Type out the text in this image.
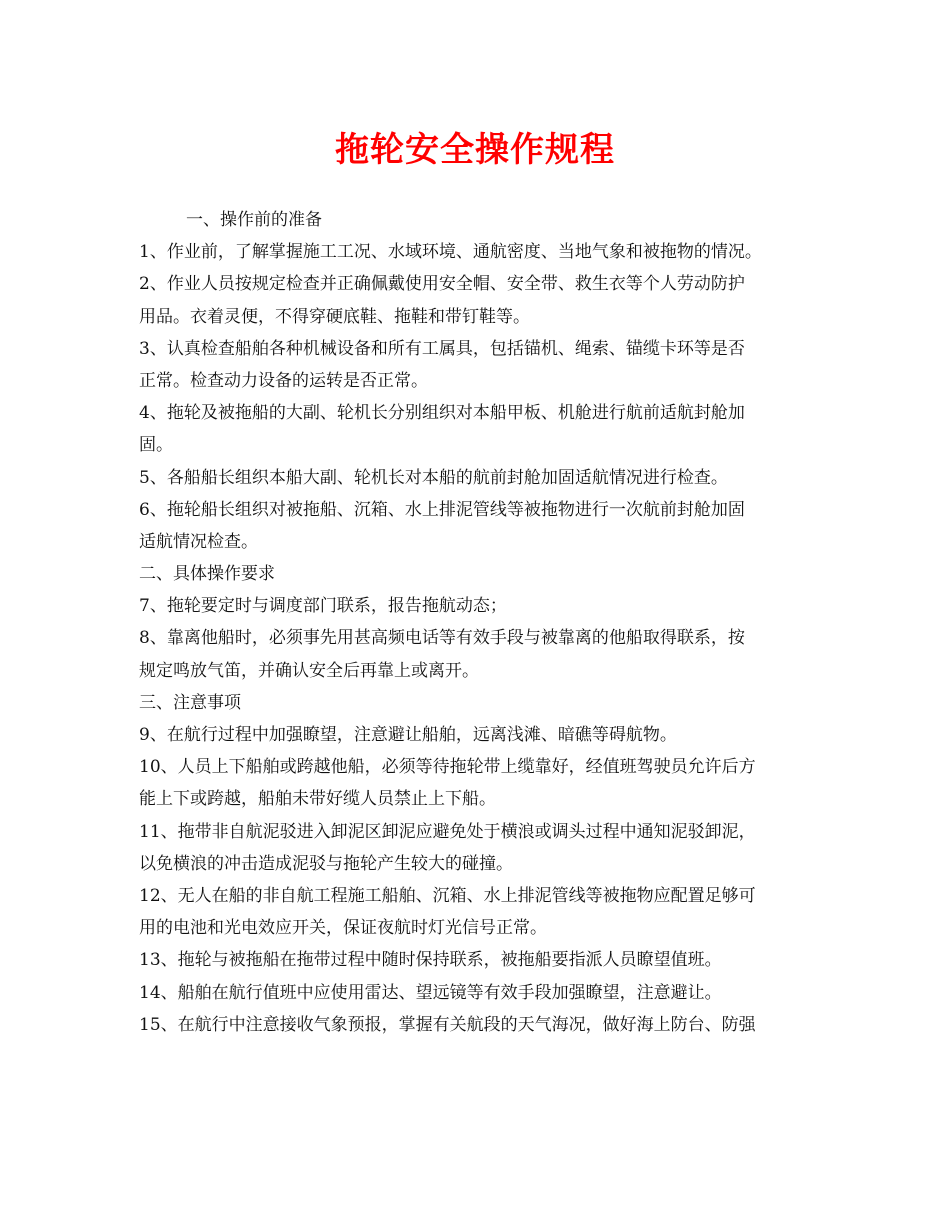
拖轮安全操作规程
一、操作前的准备
1、作业前，了解掌握施工工况、水域环境、通航密度、当地气象和被拖物的情况。
2、作业人员按规定检查并正确佩戴使用安全帽、安全带、救生衣等个人劳动防护
用品。衣着灵便，不得穿硬底鞋、拖鞋和带钉鞋等。
3、认真检查船舶各种机械设备和所有工属具，包括锚机、绳索、锚缆卡环等是否
正常。检查动力设备的运转是否正常。
4、拖轮及被拖船的大副、轮机长分别组织对本船甲板、机舱进行航前适航封舱加
固。
5、各船船长组织本船大副、轮机长对本船的航前封舱加固适航情况进行检查。
6、拖轮船长组织对被拖船、沉箱、水上排泥管线等被拖物进行一次航前封舱加固
适航情况检查。
二、具体操作要求
7、拖轮要定时与调度部门联系，报告拖航动态；
8、靠离他船时，必须事先用甚高频电话等有效手段与被靠离的他船取得联系，按
规定鸣放气笛，并确认安全后再靠上或离开。
三、注意事项
9、在航行过程中加强瞭望，注意避让船舶，远离浅滩、暗礁等碍航物。
10、人员上下船舶或跨越他船，必须等待拖轮带上缆靠好，经值班驾驶员允许后方
能上下或跨越，船舶未带好缆人员禁止上下船。
11、拖带非自航泥驳进入卸泥区卸泥应避免处于横浪或调头过程中通知泥驳卸泥，
以免横浪的冲击造成泥驳与拖轮产生较大的碰撞。
12、无人在船的非自航工程施工船舶、沉箱、水上排泥管线等被拖物应配置足够可
用的电池和光电效应开关，保证夜航时灯光信号正常。
13、拖轮与被拖船在拖带过程中随时保持联系，被拖船要指派人员瞭望值班。
14、船舶在航行值班中应使用雷达、望远镜等有效手段加强瞭望，注意避让。
15、在航行中注意接收气象预报，掌握有关航段的天气海况，做好海上防台、防强
